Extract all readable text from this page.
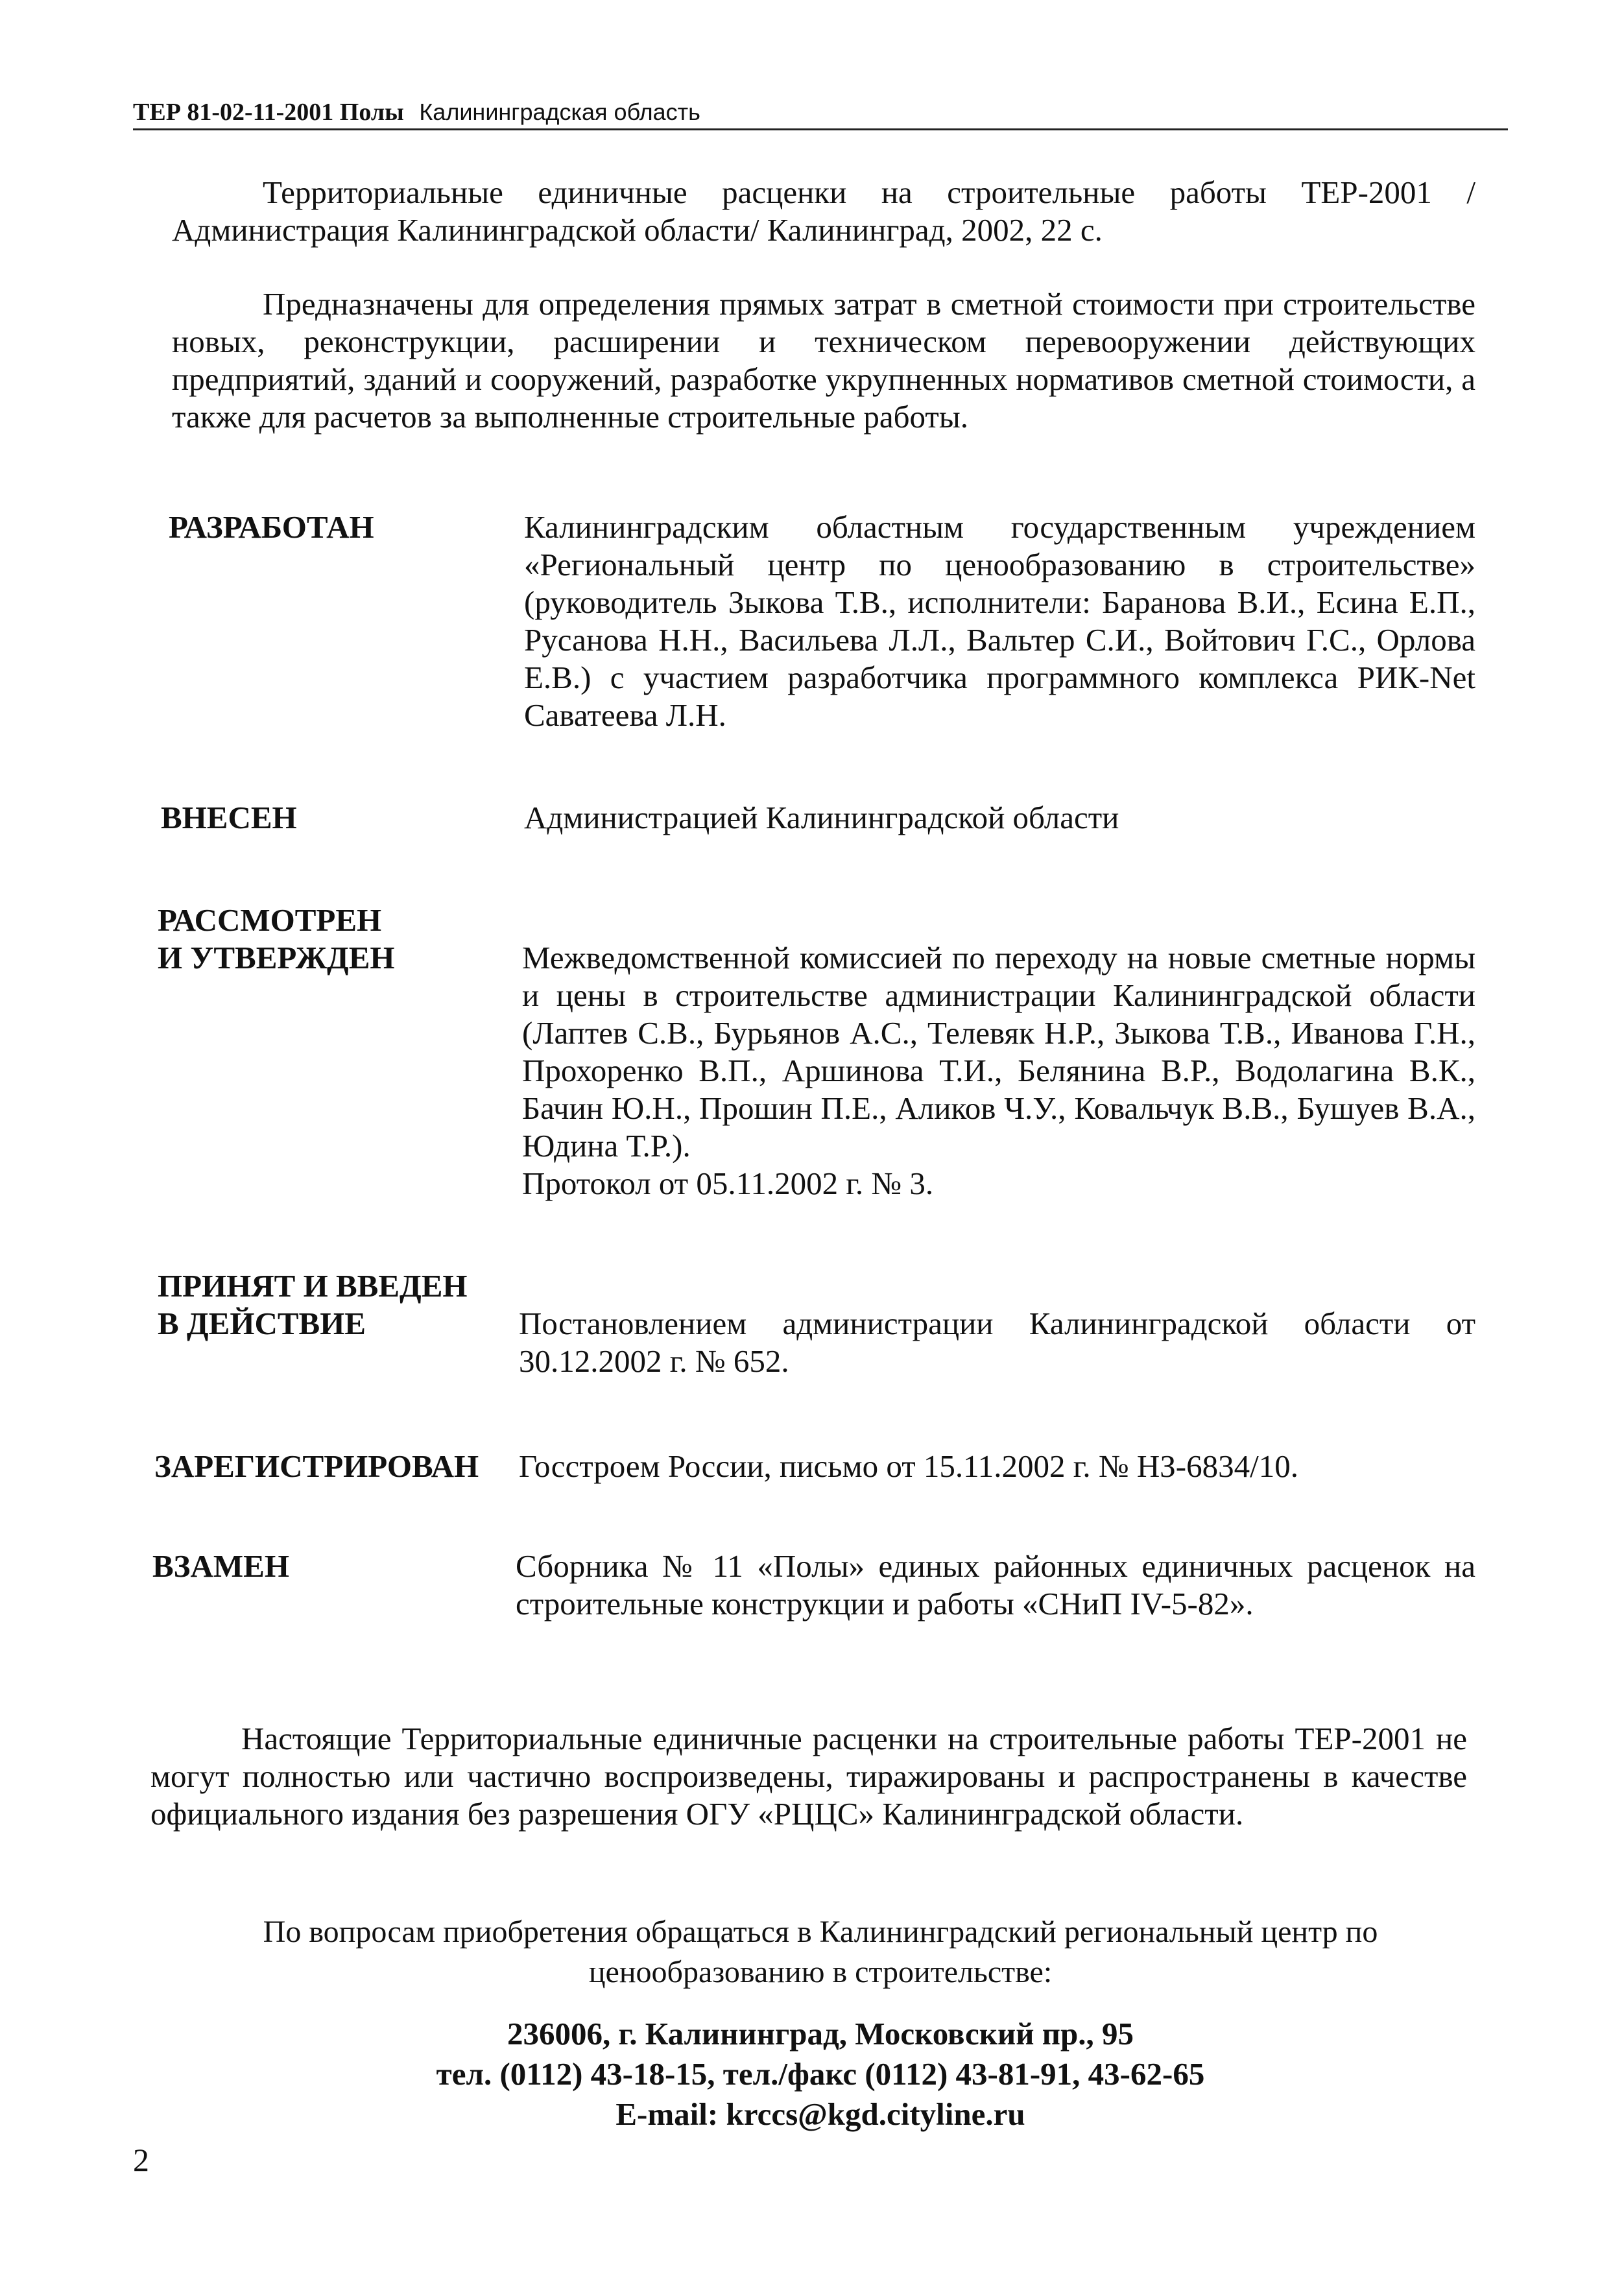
ТЕР 81-02-11-2001 Полы Калининградская область

Территориальные единичные расценки на строительные работы ТЕР-2001 /Администрация Калининградской области/ Калининград, 2002, 22 с.

Предназначены для определения прямых затрат в сметной стоимости при строительстве новых, реконструкции, расширении и техническом перевооружении действующих предприятий, зданий и сооружений, разработке укрупненных нормативов сметной стоимости, а также для расчетов за выполненные строительные работы.

РАЗРАБОТАН	Калининградским областным государственным учреждением «Региональный центр по ценообразованию в строительстве» (руководитель Зыкова Т.В., исполнители: Баранова В.И., Есина Е.П., Русанова Н.Н., Васильева Л.Л., Вальтер С.И., Войтович Г.С., Орлова Е.В.) с участием разработчика программного комплекса РИК-Net Саватеева Л.Н.

ВНЕСЕН	Администрацией Калининградской области

РАССМОТРЕН
И УТВЕРЖДЕН	Межведомственной комиссией по переходу на новые сметные нормы и цены в строительстве администрации Калининградской области (Лаптев С.В., Бурьянов А.С., Телевяк Н.Р., Зыкова Т.В., Иванова Г.Н., Прохоренко В.П., Аршинова Т.И., Белянина В.Р., Водолагина В.К., Бачин Ю.Н., Прошин П.Е., Аликов Ч.У., Ковальчук В.В., Бушуев В.А., Юдина Т.Р.).

Протокол от 05.11.2002 г. № 3.

ПРИНЯТ И ВВЕДЕН
В ДЕЙСТВИЕ	Постановлением администрации Калининградской области от 30.12.2002 г. № 652.

ЗАРЕГИСТРИРОВАН Госстроем России, письмо от 15.11.2002 г. № НЗ-6834/10.

ВЗАМЕН	Сборника № 11 «Полы» единых районных единичных расценок на строительные конструкции и работы «СНиП IV-5-82».

Настоящие Территориальные единичные расценки на строительные работы ТЕР-2001 не могут полностью или частично воспроизведены, тиражированы и распространены в качестве официального издания без разрешения ОГУ «РЦЦС» Калининградской области.

По вопросам приобретения обращаться в Калининградский региональный центр по
ценообразованию в строительстве:
236006, г. Калининград, Московский пр., 95
тел. (0112) 43-18-15, тел./факс (0112) 43-81-91, 43-62-65
E-mail: krccs@kgd.cityline.ru
2
